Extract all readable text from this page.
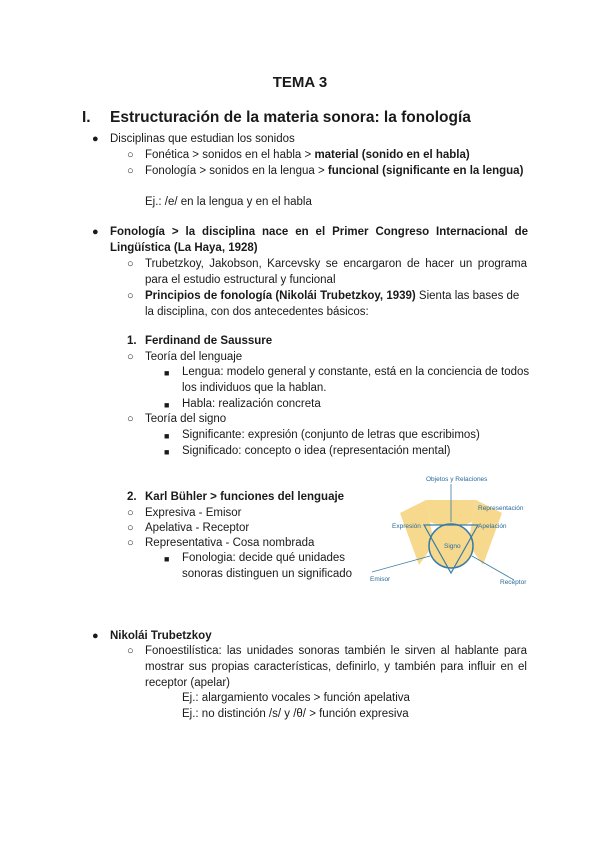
TEMA 3
I. Estructuración de la materia sonora: la fonología
● Disciplinas que estudian los sonidos
○ Fonética > sonidos en el habla > material (sonido en el habla)
○ Fonología > sonidos en la lengua > funcional (significante en la lengua)
Ej.: /e/ en la lengua y en el habla
● Fonología > la disciplina nace en el Primer Congreso Internacional de Lingüística (La Haya, 1928)
○ Trubetzkoy, Jakobson, Karcevsky se encargaron de hacer un programa para el estudio estructural y funcional
○ Principios de fonología (Nikolái Trubetzkoy, 1939) Sienta las bases de la disciplina, con dos antecedentes básicos:
1. Ferdinand de Saussure
○ Teoría del lenguaje
■ Lengua: modelo general y constante, está en la conciencia de todos los individuos que la hablan.
■ Habla: realización concreta
○ Teoría del signo
■ Significante: expresión (conjunto de letras que escribimos)
■ Significado: concepto o idea (representación mental)
2. Karl Bühler > funciones del lenguaje
○ Expresiva - Emisor
○ Apelativa - Receptor
○ Representativa - Cosa nombrada
■ Fonologia: decide qué unidades sonoras distinguen un significado
Objetos y Relaciones
Representación
Expresión	Apelación
Signo
Emisor	Receptor
● Nikolái Trubetzkoy
○ Fonoestilística: las unidades sonoras también le sirven al hablante para mostrar sus propias características, definirlo, y también para influir en el receptor (apelar)
Ej.: alargamiento vocales > función apelativa
Ej.: no distinción /s/ y /θ/ > función expresiva
